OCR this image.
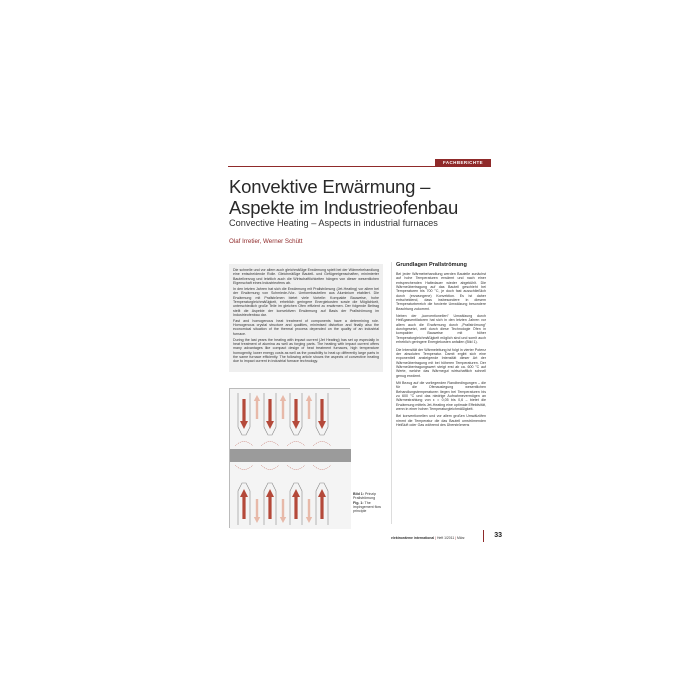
FACHBERICHTE
Konvektive Erwärmung – Aspekte im Industrieofenbau
Convective Heating – Aspects in industrial furnaces
Olaf Irretier, Werner Schütt

Die schnelle und vor allem auch gleichmäßige Erwärmung spielt bei der Wärmebehandlung eine entscheidende Rolle. Gleichmäßige Bauteil- und Gefügeeigenschaften, minimierter Bauteilverzug und letztlich auch die Wirtschaftlichkeiten hängen von dieser wesentlichen Eigenschaft eines Industrieofens ab.

In den letzten Jahren hat sich die Erwärmung mit Prallströmung (Jet-Heating) vor allem bei der Erwärmung von Schmiede-/Vor- Umformbauteilen aus Aluminium etabliert. Die Erwärmung mit Prallströmen bietet viele Vorteile: Kompakte Bauweise, hohe Temperaturgleichmäßigkeit, erheblich geringere Energiekosten sowie die Möglichkeit, unterschiedlich große Teile im gleichen Ofen effizient zu erwärmen. Der folgende Beitrag stellt die Aspekte der konvektiven Erwärmung auf Basis der Prallströmung im Industrieofenbau dar.

Fast and homogenous heat treatment of components have a determining role. Homogenous crystal structure and qualities, minimised distortion and finally also the economical situation of the thermal process depended on the quality of an industrial furnace.

During the last years the heating with impact current (Jet Heating) has set up especially in heat treatment of alumina as well as forging parts. The heating with impact current offers many advantages like compact design of heat treatment furnaces, high temperature homogenity, lower energy costs as well as the possibility to heat up differently large parts in the same furnace efficiently. The following article shows the aspects of convective heating due to impact current in industrial furnace technology.

Bild 1: Prinzip Prallströmung
Fig. 1: The impingement flow principle
Grundlagen Prallströmung

Bei jeder Wärmebehandlung werden Bauteile zunächst auf hohe Temperaturen erwärmt und nach einer entsprechenden Haltedauer wieder abgekühlt. Die Wärmeübertragung auf das Bauteil geschieht bei Temperaturen bis 700 °C, je doch fast ausschließlich durch (erzwungene) Konvektion. Es ist daher entscheidend, dass insbesondere in diesem Temperaturbereich die forcierte Umwälzung besondere Beachtung zukommt.

Neben der „konventionellen" Umwälzung durch Heißgasventilatoren hat sich in den letzten Jahren vor allem auch die Erwärmung durch „Prallströmung" durchgesetzt, weil durch diese Technologie Öfen in kompakter Bauweise mit höher Temperaturgleichmäßigkeit möglich sind und somit auch erheblich geringere Energiekosten anfallen (Bild 1).

Die Intensität der Wärmeleitung ist folgt in vierter Potenz der absoluten Temperatur. Damit ergibt sich eine exponentiell ansteigende Intensität dieser Art der Wärmeübertragung mit bei höheren Temperaturen. Der Wärmeübertragungswert steigt erst ab ca. 600 °C auf Werte, welche das Wärmegut wirtschaftlich schnell genug erwärmt.

Mit Bezug auf die vorliegenden Randbedingungen – die für die Ofenauslegung wesentlichen Behandlungstemperaturen liegen bei Temperaturen bis zu 600 °C und das niedrige Aufnahmevermögen an Wärmestrahlung von ε = 0,05 bis 0,6 – bietet die Erwärmung mittels Jet-Heating eine optimale Effektivität, wenn in einer hohen Temperaturgleichmäßigkeit.

Bei konventionellen und vor allem großen Umwälzöfen nimmt die Temperatur die das Bauteil umströmenden Heißluft oder Gas während des Überströmens

elektrowärme international | Heft 1/2011 | März	33
